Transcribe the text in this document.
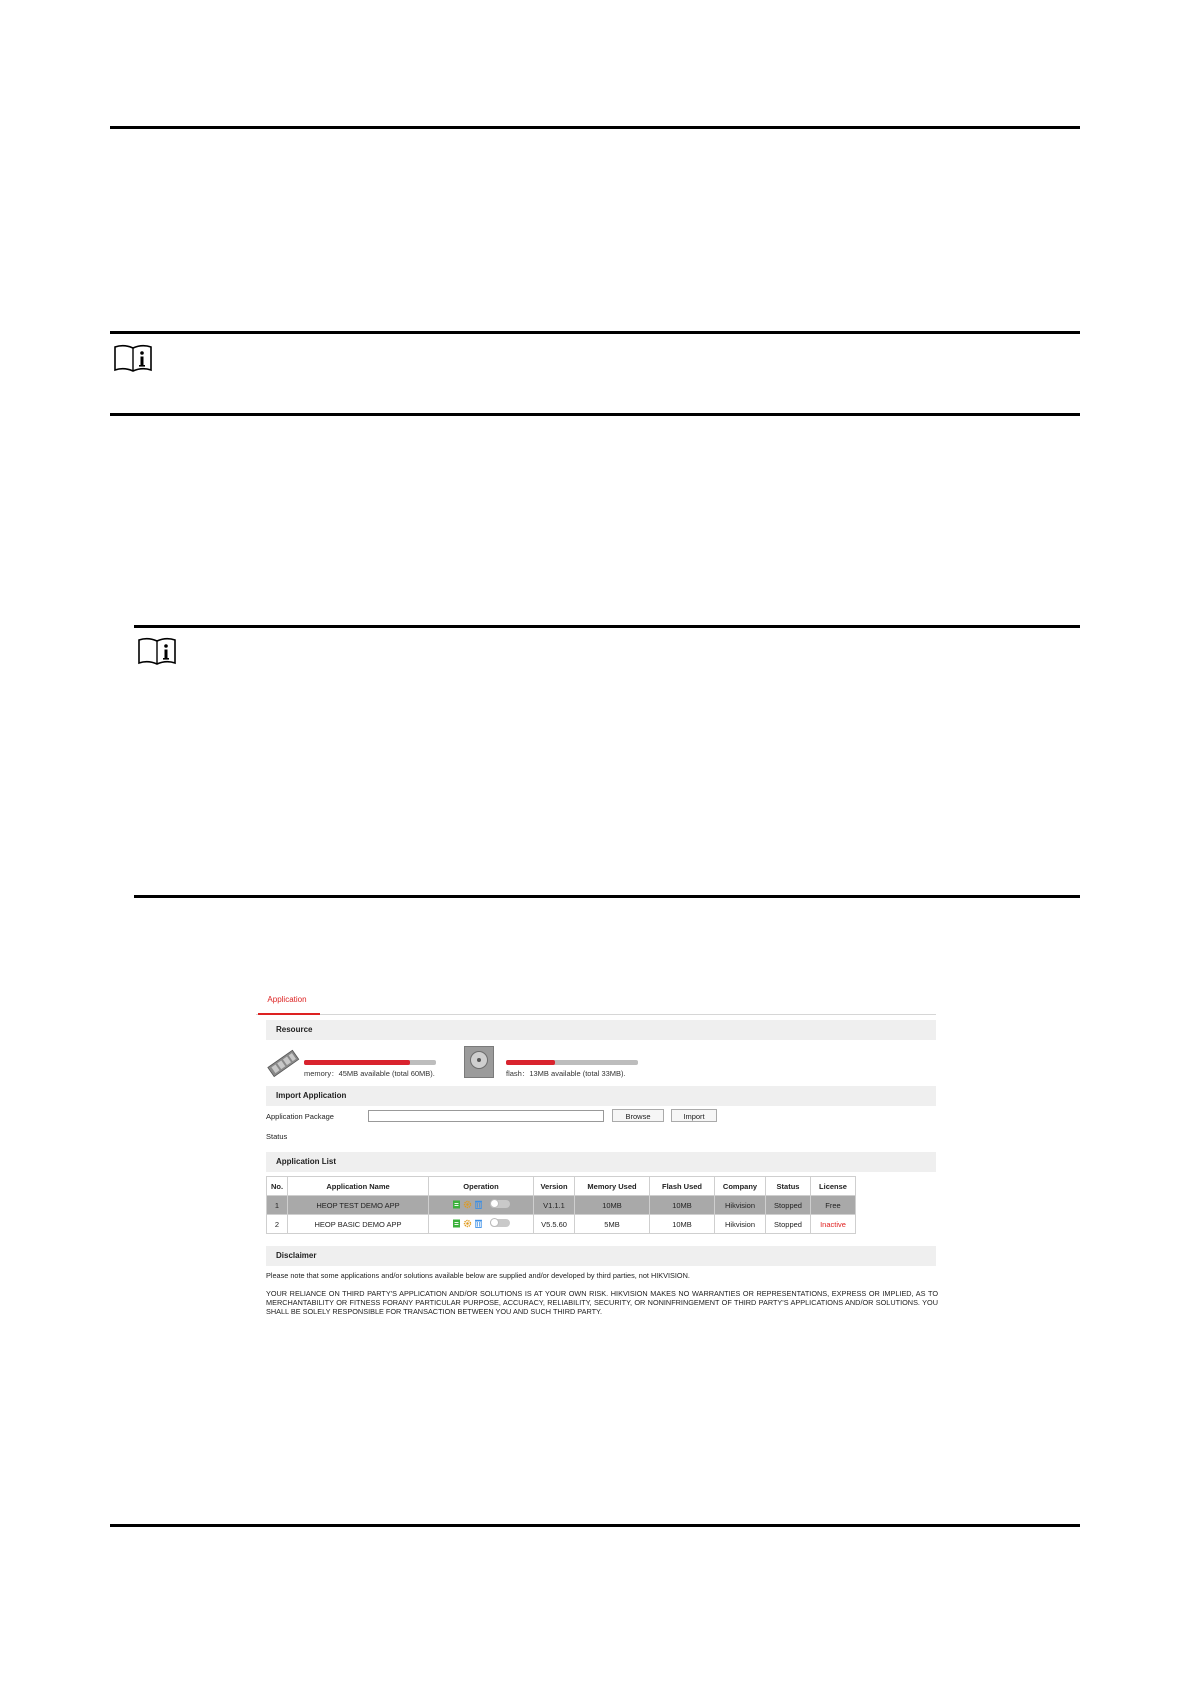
Application
Resource
memory：45MB available (total 60MB).	flash：13MB available (total 33MB).
Import Application
Application Package	Browse	Import
Status
Application List
No.	Application Name	Operation	Version	Memory Used	Flash Used	Company	Status	License
1	HEOP TEST DEMO APP		V1.1.1	10MB	10MB	Hikvision	Stopped	Free
2	HEOP BASIC DEMO APP		V5.5.60	5MB	10MB	Hikvision	Stopped	Inactive
Disclaimer
Please note that some applications and/or solutions available below are supplied and/or developed by third parties, not HIKVISION.
YOUR RELIANCE ON THIRD PARTY'S APPLICATION AND/OR SOLUTIONS IS AT YOUR OWN RISK. HIKVISION MAKES NO WARRANTIES OR REPRESENTATIONS, EXPRESS OR IMPLIED, AS TO MERCHANTABILITY OR FITNESS FORANY PARTICULAR PURPOSE, ACCURACY, RELIABILITY, SECURITY, OR NONINFRINGEMENT OF THIRD PARTY'S APPLICATIONS AND/OR SOLUTIONS. YOU SHALL BE SOLELY RESPONSIBLE FOR TRANSACTION BETWEEN YOU AND SUCH THIRD PARTY.
